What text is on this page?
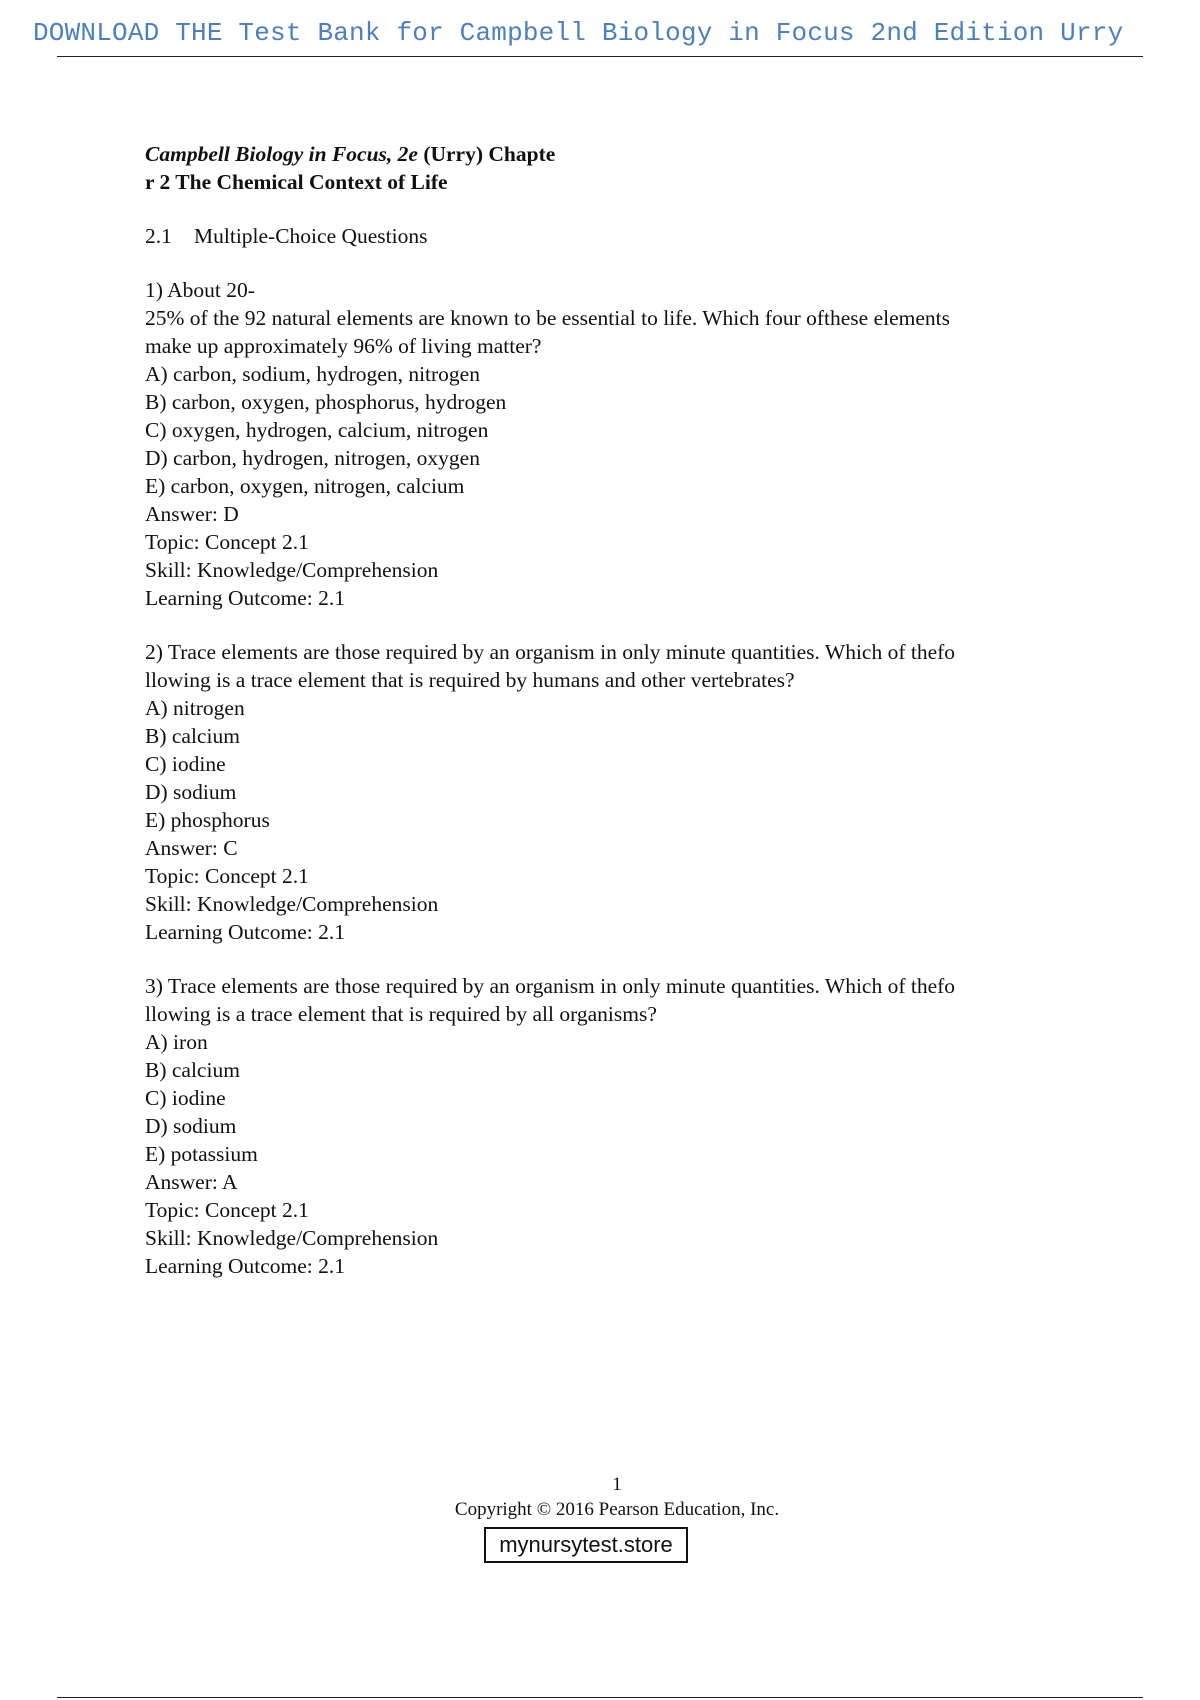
DOWNLOAD THE Test Bank for Campbell Biology in Focus 2nd Edition Urry
Campbell Biology in Focus, 2e (Urry) Chapte
r 2 The Chemical Context of Life
2.1 Multiple-Choice Questions
1) About 20-
25% of the 92 natural elements are known to be essential to life. Which four ofthese elements
make up approximately 96% of living matter?
A) carbon, sodium, hydrogen, nitrogen
B) carbon, oxygen, phosphorus, hydrogen
C) oxygen, hydrogen, calcium, nitrogen
D) carbon, hydrogen, nitrogen, oxygen
E) carbon, oxygen, nitrogen, calcium
Answer: D
Topic: Concept 2.1
Skill: Knowledge/Comprehension
Learning Outcome: 2.1
2) Trace elements are those required by an organism in only minute quantities. Which of thefo
llowing is a trace element that is required by humans and other vertebrates?
A) nitrogen
B) calcium
C) iodine
D) sodium
E) phosphorus
Answer: C
Topic: Concept 2.1
Skill: Knowledge/Comprehension
Learning Outcome: 2.1
3) Trace elements are those required by an organism in only minute quantities. Which of thefo
llowing is a trace element that is required by all organisms?
A) iron
B) calcium
C) iodine
D) sodium
E) potassium
Answer: A
Topic: Concept 2.1
Skill: Knowledge/Comprehension
Learning Outcome: 2.1
1
Copyright © 2016 Pearson Education, Inc.
mynursytest.store
